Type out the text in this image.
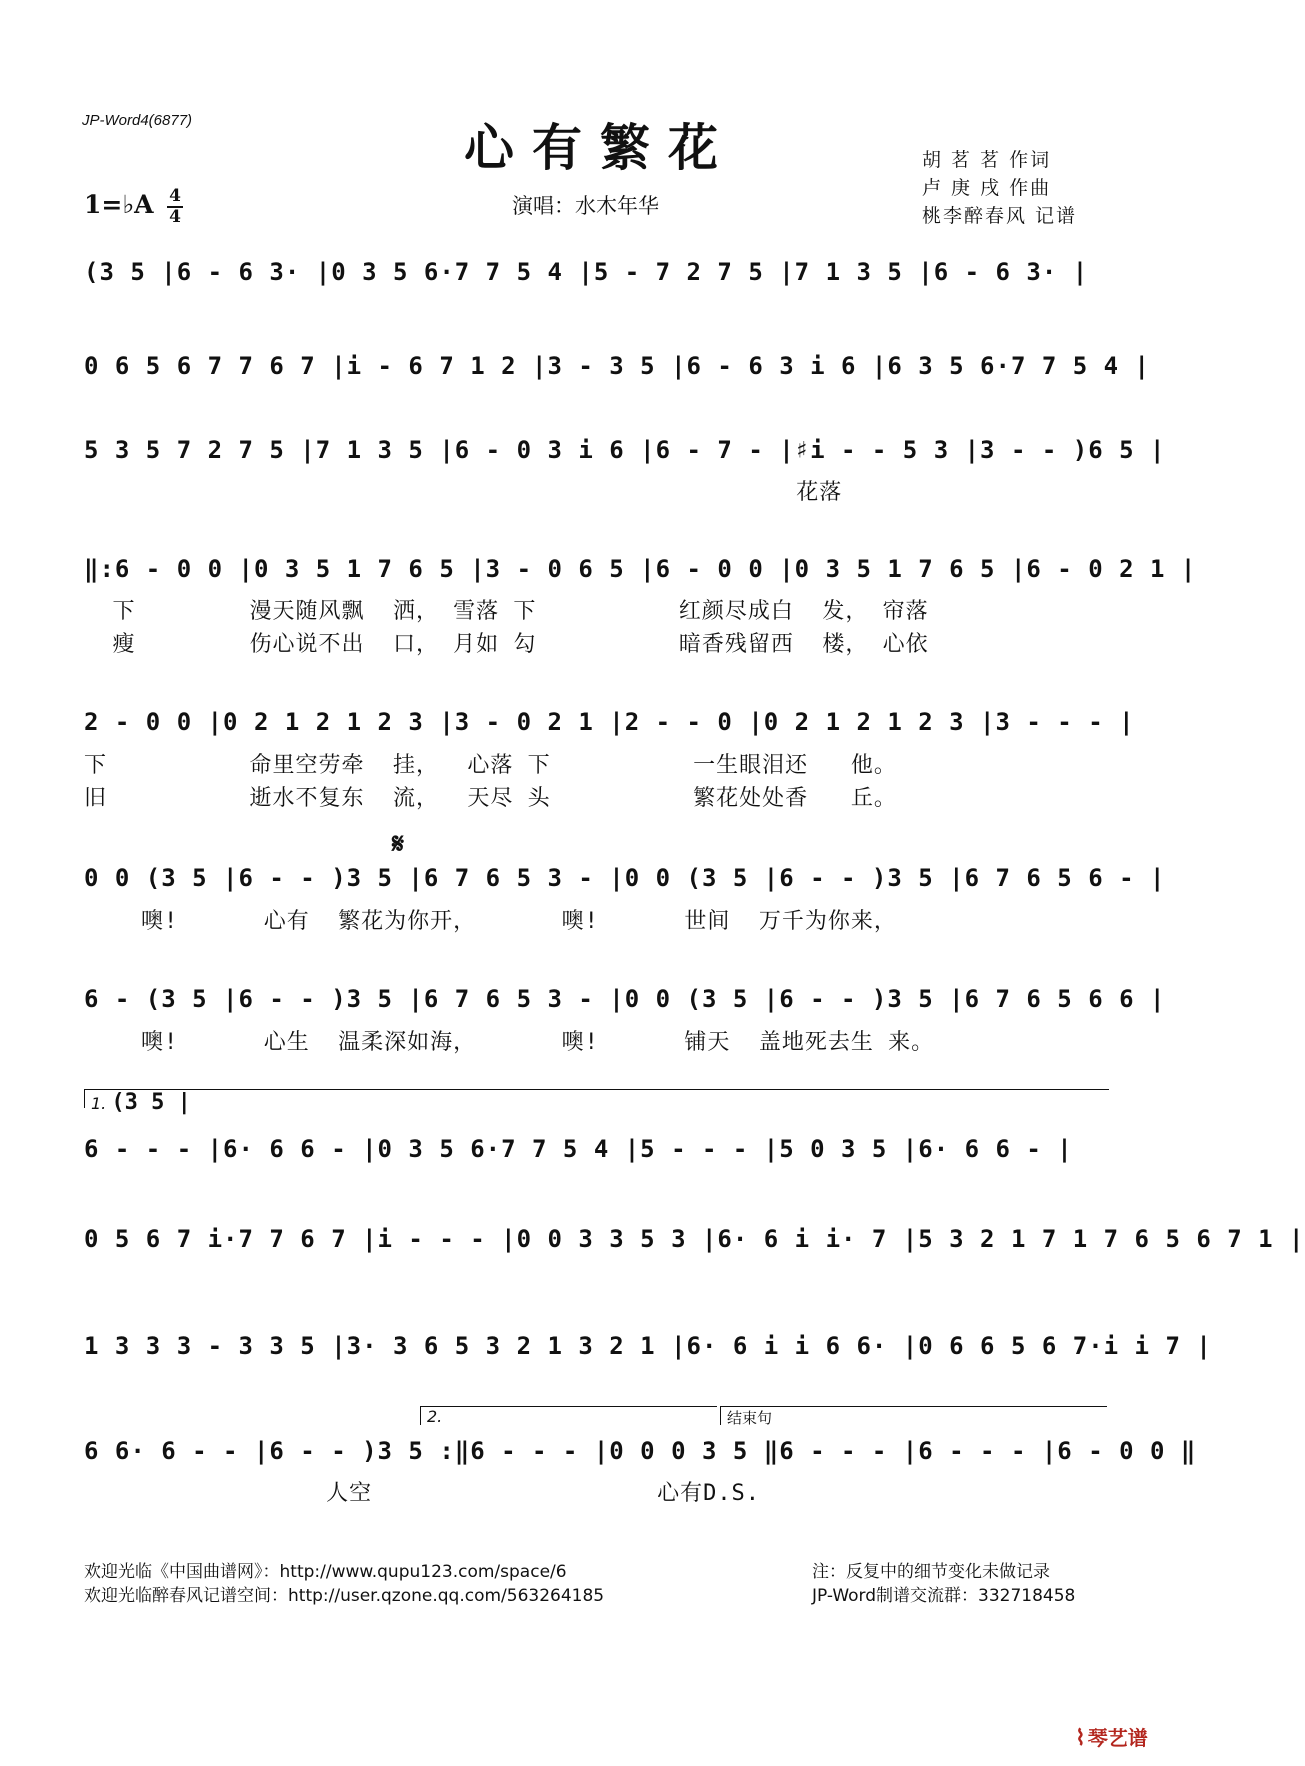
JP-Word4(6877)	心有繁花
1=♭A 4
4	演唱：水木年华
胡 茗 茗 作词
卢 庚 戌 作曲
桃李醉春风 记谱
(3 5 |6 - 6 3· |0 3 5 6·7 7 5 4 |5 - 7 2 7 5 |7 1 3 5 |6 - 6 3· |
0 6 5 6 7 7 6 7 |i - 6 7 1 2 |3 - 3 5 |6 - 6 3 i 6 |6 3 5 6·7 7 5 4 |
5 3 5 7 2 7 5 |7 1 3 5 |6 - 0 3 i 6 |6 - 7 - |♯i - - 5 3 |3 - - )6 5 |
花落
‖:6 - 0 0 |0 3 5 1 7 6 5 |3 - 0 6 5 |6 - 0 0 |0 3 5 1 7 6 5 |6 - 0 2 1 |
下        漫天随风飘  洒， 雪落 下          红颜尽成白  发， 帘落
瘦        伤心说不出  口， 月如 勾          暗香残留西  楼， 心依
2 - 0 0 |0 2 1 2 1 2 3 |3 - 0 2 1 |2 - - 0 |0 2 1 2 1 2 3 |3 - - - |
下          命里空劳牵  挂，  心落 下          一生眼泪还   他。
旧          逝水不复东  流，  天尽 头          繁花处处香   丘。
𝄋
0 0 (3 5 |6 - - )3 5 |6 7 6 5 3 - |0 0 (3 5 |6 - - )3 5 |6 7 6 5 6 - |
噢!      心有  繁花为你开，      噢!      世间  万千为你来，
6 - (3 5 |6 - - )3 5 |6 7 6 5 3 - |0 0 (3 5 |6 - - )3 5 |6 7 6 5 6 6 |
噢!      心生  温柔深如海，      噢!      铺天  盖地死去生 来。
1. (3 5 |
6 - - - |6· 6 6 - |0 3 5 6·7 7 5 4 |5 - - - |5 0 3 5 |6· 6 6 - |
0 5 6 7 i·7 7 6 7 |i - - - |0 0 3 3 5 3 |6· 6 i i· 7 |5 3 2 1 7 1 7 6 5 6 7 1 |
1 3 3 3 - 3 3 5 |3· 3 6 5 3 2 1 3 2 1 |6· 6 i i 6 6· |0 6 6 5 6 7·i i 7 |
2.	结束句
6 6· 6 - - |6 - - )3 5 :‖6 - - - |0 0 0 3 5 ‖6 - - - |6 - - - |6 - 0 0 ‖
人空                    心有D.S.
欢迎光临《中国曲谱网》：http://www.qupu123.com/space/6
欢迎光临醉春风记谱空间：http://user.qzone.qq.com/563264185
注：反复中的细节变化未做记录
JP-Word制谱交流群：332718458
᠎⌇ 琴艺谱
